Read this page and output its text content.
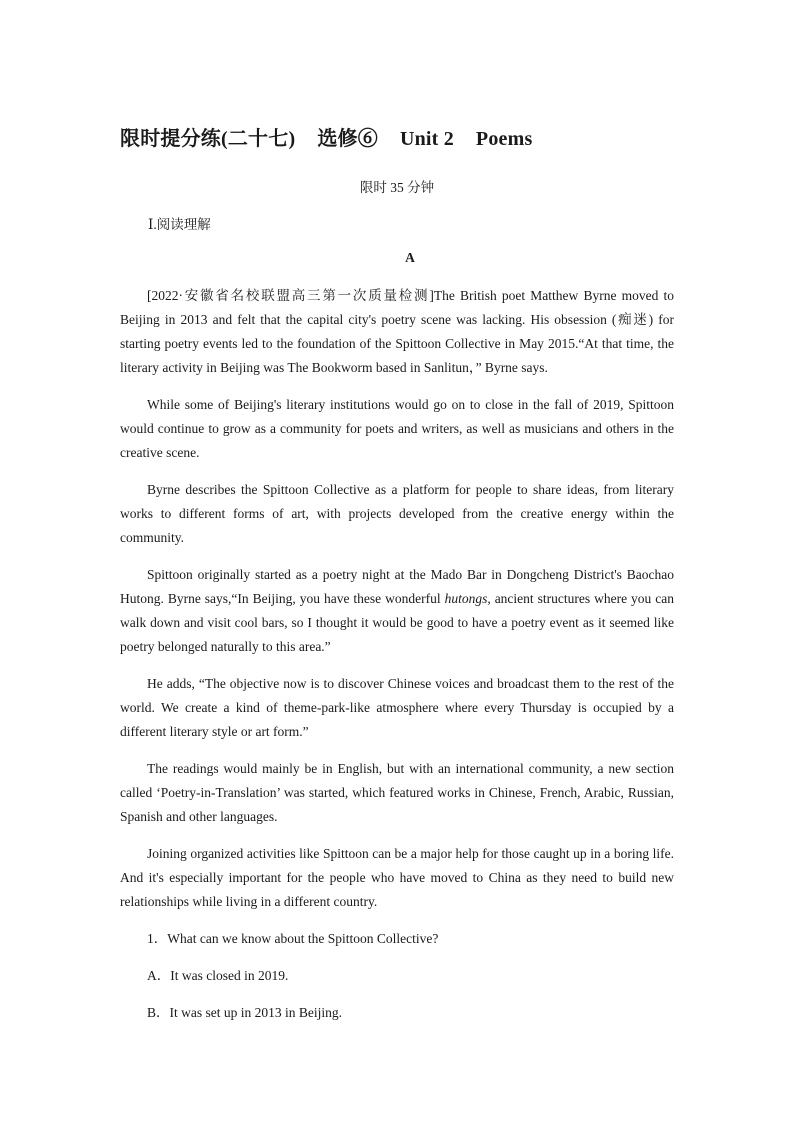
限时提分练(二十七) 选修⑥ Unit 2 Poems
限时 35 分钟
Ⅰ.阅读理解
A

[2022·安徽省名校联盟高三第一次质量检测]The British poet Matthew Byrne moved to Beijing in 2013 and felt that the capital city's poetry scene was lacking. His obsession (痴迷) for starting poetry events led to the foundation of the Spittoon Collective in May 2015.“At that time, the literary activity in Beijing was The Bookworm based in Sanlitun，” Byrne says.

While some of Beijing's literary institutions would go on to close in the fall of 2019, Spittoon would continue to grow as a community for poets and writers, as well as musicians and others in the creative scene.

Byrne describes the Spittoon Collective as a platform for people to share ideas, from literary works to different forms of art, with projects developed from the creative energy within the community.

Spittoon originally started as a poetry night at the Mado Bar in Dongcheng District's Baochao Hutong. Byrne says,“In Beijing, you have these wonderful hutongs, ancient structures where you can walk down and visit cool bars, so I thought it would be good to have a poetry event as it seemed like poetry belonged naturally to this area.”

He adds, “The objective now is to discover Chinese voices and broadcast them to the rest of the world. We create a kind of theme-park-like atmosphere where every Thursday is occupied by a different literary style or art form.”

The readings would mainly be in English, but with an international community, a new section called ‘Poetry-in-Translation’ was started, which featured works in Chinese, French, Arabic, Russian, Spanish and other languages.

Joining organized activities like Spittoon can be a major help for those caught up in a boring life. And it's especially important for the people who have moved to China as they need to build new relationships while living in a different country.

1．What can we know about the Spittoon Collective?
A．It was closed in 2019.
B．It was set up in 2013 in Beijing.
